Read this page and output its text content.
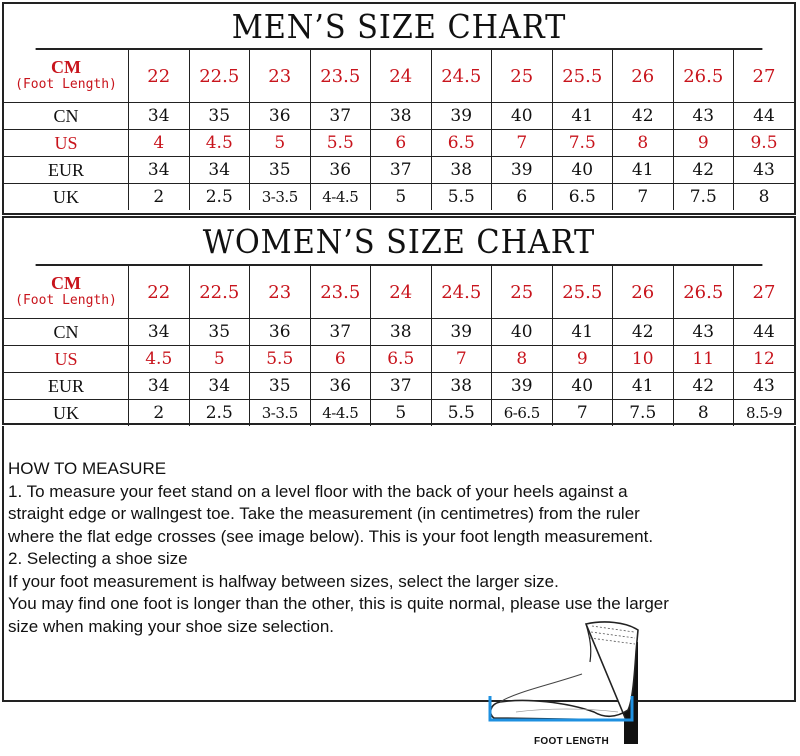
MEN’S SIZE CHART
CM
(Foot Length)	22	22.5	23	23.5	24	24.5	25	25.5	26	26.5	27

CN	34	35	36	37	38	39	40	41	42	43	44

US	4	4.5	5	5.5	6	6.5	7	7.5	8	9	9.5

EUR	34	34	35	36	37	38	39	40	41	42	43

UK	2	2.5	3-3.5	4-4.5	5	5.5	6	6.5	7	7.5	8
WOMEN’S SIZE CHART
CM
(Foot Length)	22	22.5	23	23.5	24	24.5	25	25.5	26	26.5	27

CN	34	35	36	37	38	39	40	41	42	43	44

US	4.5	5	5.5	6	6.5	7	8	9	10	11	12

EUR	34	34	35	36	37	38	39	40	41	42	43

UK	2	2.5	3-3.5	4-4.5	5	5.5	6-6.5	7	7.5	8	8.5-9
HOW TO MEASURE
1. To measure your feet stand on a level floor with the back of your heels against a
straight edge or wallngest toe. Take the measurement (in centimetres) from the ruler
where the flat edge crosses (see image below). This is your foot length measurement.
2. Selecting a shoe size
If your foot measurement is halfway between sizes, select the larger size.
You may find one foot is longer than the other, this is quite normal, please use the larger
size when making your shoe size selection.
FOOT LENGTH
